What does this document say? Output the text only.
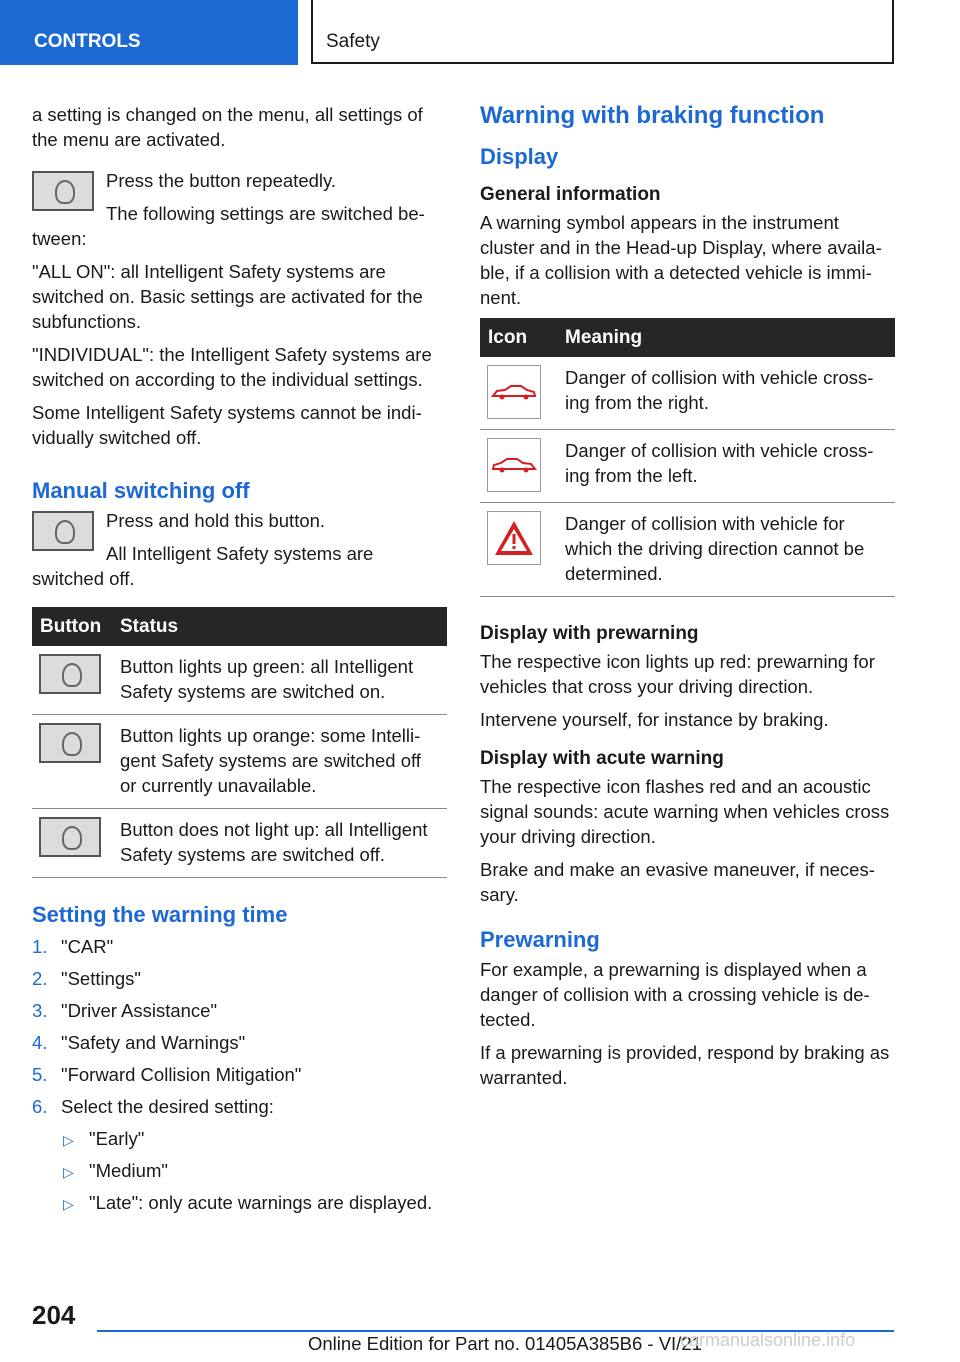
CONTROLS	Safety

a setting is changed on the menu, all settings of the menu are activated.

Press the button repeatedly.

The following settings are switched be-tween:

"ALL ON": all Intelligent Safety systems are switched on. Basic settings are activated for the subfunctions.

"INDIVIDUAL": the Intelligent Safety systems are switched on according to the individual settings.

Some Intelligent Safety systems cannot be indi-vidually switched off.

Manual switching off

Press and hold this button.

All Intelligent Safety systems are switched off.

Button	Status

	Button lights up green: all Intelligent Safety systems are switched on.

	Button lights up orange: some Intelli-gent Safety systems are switched off or currently unavailable.

	Button does not light up: all Intelligent Safety systems are switched off.
Setting the warning time
1. "CAR"
2. "Settings"
3. "Driver Assistance"
4. "Safety and Warnings"
5. "Forward Collision Mitigation"
6. Select the desired setting:
▷ "Early"
▷ "Medium"
▷ "Late": only acute warnings are displayed.
Warning with braking function
Display
General information

A warning symbol appears in the instrument cluster and in the Head-up Display, where availa-ble, if a collision with a detected vehicle is immi-nent.

Icon	Meaning

	Danger of collision with vehicle cross-ing from the right.

	Danger of collision with vehicle cross-ing from the left.

	Danger of collision with vehicle for which the driving direction cannot be determined.
Display with prewarning

The respective icon lights up red: prewarning for vehicles that cross your driving direction.

Intervene yourself, for instance by braking.

Display with acute warning

The respective icon flashes red and an acoustic signal sounds: acute warning when vehicles cross your driving direction.

Brake and make an evasive maneuver, if neces-sary.

Prewarning

For example, a prewarning is displayed when a danger of collision with a crossing vehicle is de-tected.

If a prewarning is provided, respond by braking as warranted.

204
Online Edition for Part no. 01405A385B6 - VI/21
carmanualsonline.info
